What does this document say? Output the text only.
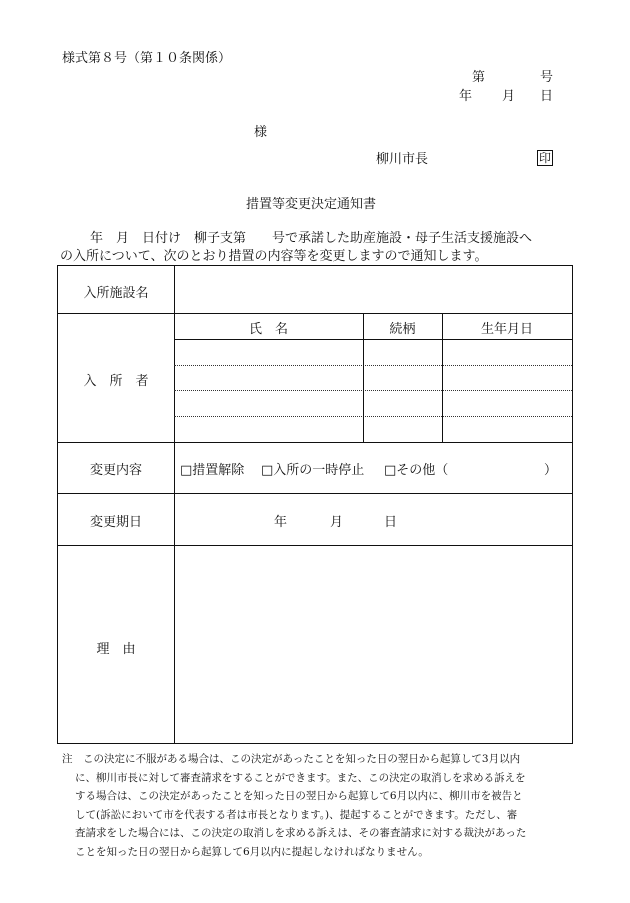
様式第８号（第１０条関係）
第	号
年 月 日
様
柳川市長	印
措置等変更決定通知書
年　月　日付け　柳子支第　　号で承諾した助産施設・母子生活支援施設へ
の入所について、次のとおり措置の内容等を変更しますので通知します。
入所施設名
入　所　者
氏　名	続柄	生年月日
変更内容	□措置解除 □入所の一時停止 □その他（	）
変更期日	年	月	日
理　由
注　この決定に不服がある場合は、この決定があったことを知った日の翌日から起算して3月以内
に、柳川市長に対して審査請求をすることができます。また、この決定の取消しを求める訴えを
する場合は、この決定があったことを知った日の翌日から起算して6月以内に、柳川市を被告と
して(訴訟において市を代表する者は市長となります。)、提起することができます。ただし、審
査請求をした場合には、この決定の取消しを求める訴えは、その審査請求に対する裁決があった
ことを知った日の翌日から起算して6月以内に提起しなければなりません。
